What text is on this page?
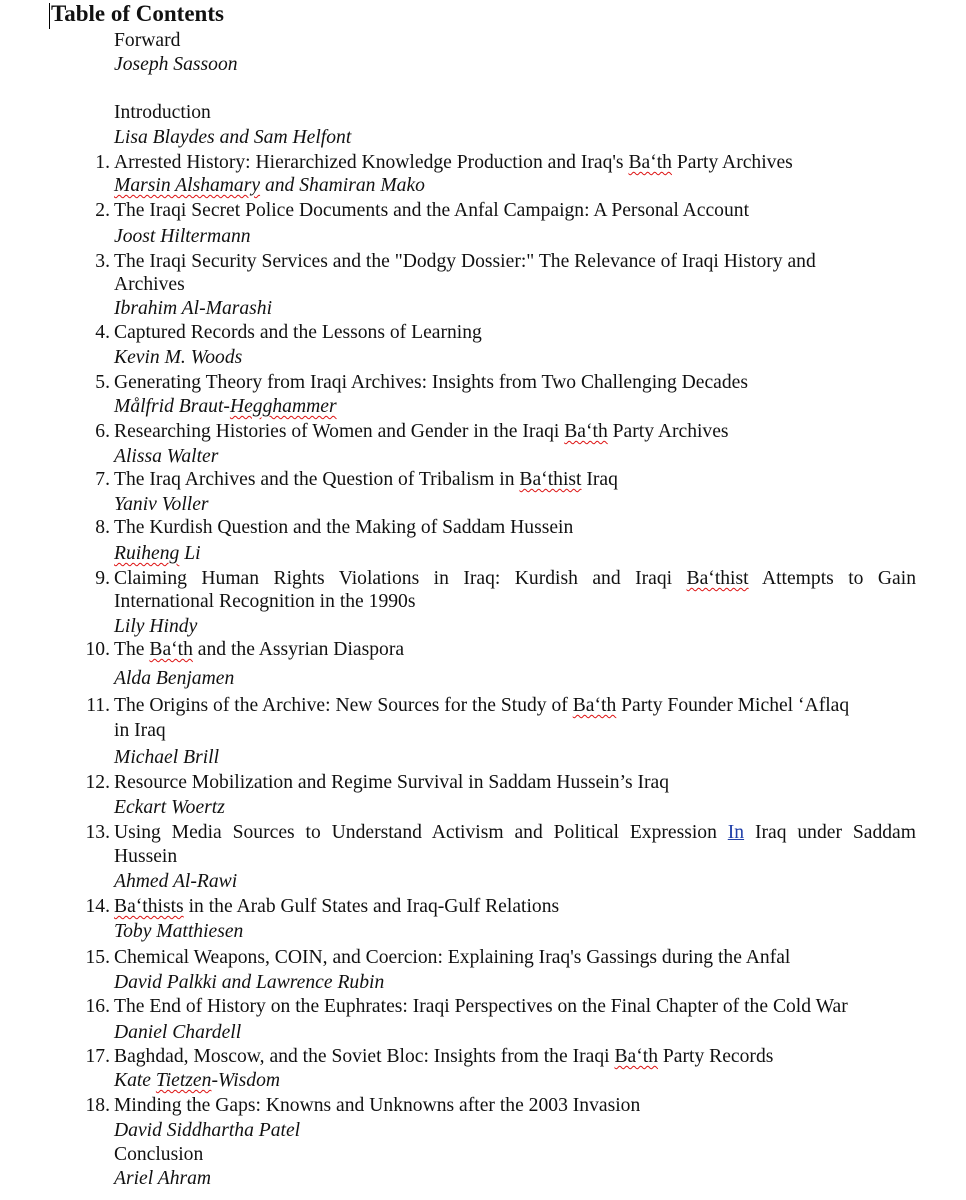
Table of Contents
Forward
Joseph Sassoon
Introduction
Lisa Blaydes and Sam Helfont
1. Arrested History: Hierarchized Knowledge Production and Iraq's Ba‘th Party Archives
Marsin Alshamary and Shamiran Mako
2. The Iraqi Secret Police Documents and the Anfal Campaign: A Personal Account
Joost Hiltermann
3. The Iraqi Security Services and the "Dodgy Dossier:" The Relevance of Iraqi History and
Archives
Ibrahim Al-Marashi
4. Captured Records and the Lessons of Learning
Kevin M. Woods
5. Generating Theory from Iraqi Archives: Insights from Two Challenging Decades
Målfrid Braut-Hegghammer
6. Researching Histories of Women and Gender in the Iraqi Ba‘th Party Archives
Alissa Walter
7. The Iraq Archives and the Question of Tribalism in Ba‘thist Iraq
Yaniv Voller
8. The Kurdish Question and the Making of Saddam Hussein
Ruiheng Li
9. Claiming Human Rights Violations in Iraq: Kurdish and Iraqi Ba‘thist Attempts to Gain
International Recognition in the 1990s
Lily Hindy
10. The Ba‘th and the Assyrian Diaspora
Alda Benjamen
11. The Origins of the Archive: New Sources for the Study of Ba‘th Party Founder Michel ‘Aflaq
in Iraq
Michael Brill
12. Resource Mobilization and Regime Survival in Saddam Hussein’s Iraq
Eckart Woertz
13. Using Media Sources to Understand Activism and Political Expression In Iraq under Saddam
Hussein
Ahmed Al-Rawi
14. Ba‘thists in the Arab Gulf States and Iraq-Gulf Relations
Toby Matthiesen
15. Chemical Weapons, COIN, and Coercion: Explaining Iraq's Gassings during the Anfal
David Palkki and Lawrence Rubin
16. The End of History on the Euphrates: Iraqi Perspectives on the Final Chapter of the Cold War
Daniel Chardell
17. Baghdad, Moscow, and the Soviet Bloc: Insights from the Iraqi Ba‘th Party Records
Kate Tietzen-Wisdom
18. Minding the Gaps: Knowns and Unknowns after the 2003 Invasion
David Siddhartha Patel
Conclusion
Ariel Ahram
